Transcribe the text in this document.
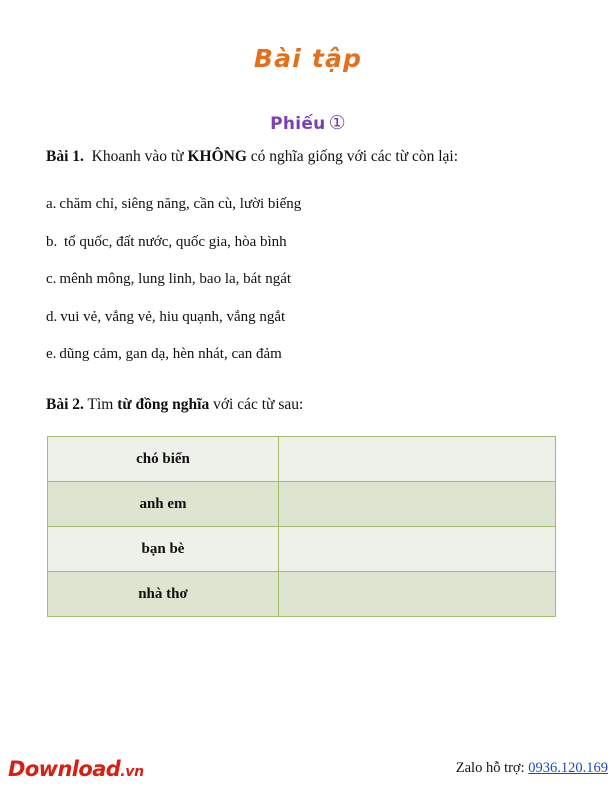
Bài tập
Phiếu ①
Bài 1. Khoanh vào từ KHÔNG có nghĩa giống với các từ còn lại:
a. chăm chỉ, siêng năng, cần cù, lười biếng
b. tổ quốc, đất nước, quốc gia, hòa bình
c. mênh mông, lung linh, bao la, bát ngát
d. vui vẻ, vắng vẻ, hiu quạnh, vắng ngắt
e. dũng cảm, gan dạ, hèn nhát, can đảm
Bài 2. Tìm từ đồng nghĩa với các từ sau:
chó biển	
anh em	
bạn bè	
nhà thơ	
Download.vn	Zalo hỗ trợ: 0936.120.169
